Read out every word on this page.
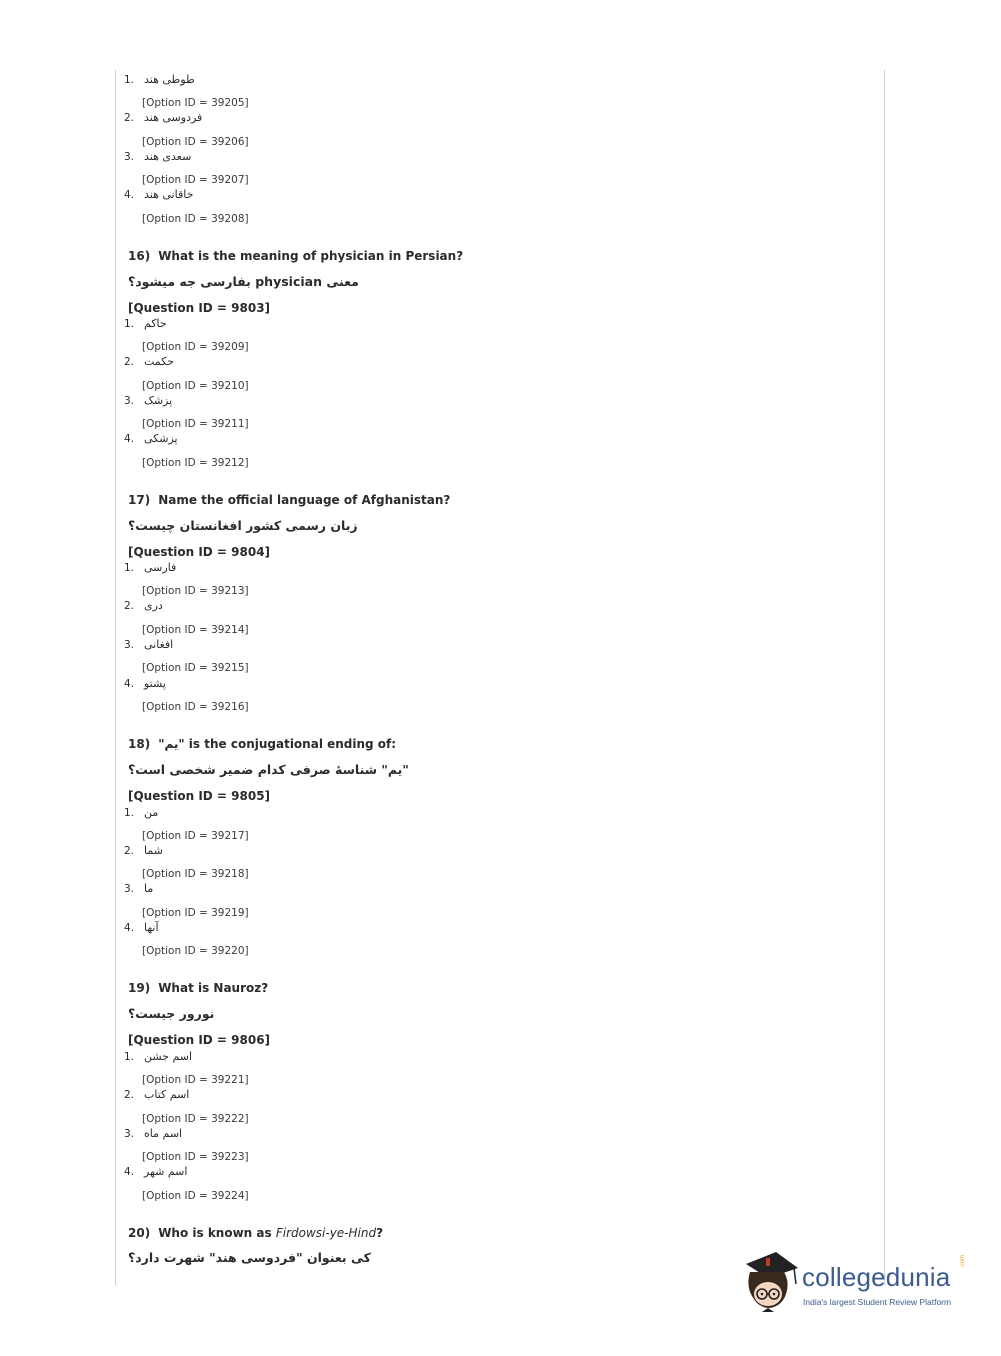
1. طوطی هند
[Option ID = 39205]
2. فردوسی هند
[Option ID = 39206]
3. سعدی هند
[Option ID = 39207]
4. خاقانی هند
[Option ID = 39208]
16) What is the meaning of physician in Persian?
معنی physician بفارسی جه میشود؟
[Question ID = 9803]
1. حاکم
[Option ID = 39209]
2. حکمت
[Option ID = 39210]
3. پزشک
[Option ID = 39211]
4. پزشکی
[Option ID = 39212]
17) Name the official language of Afghanistan?
زبان رسمی کشور افغانستان چیست؟
[Question ID = 9804]
1. فارسی
[Option ID = 39213]
2. دری
[Option ID = 39214]
3. افغانی
[Option ID = 39215]
4. پشتو
[Option ID = 39216]
18) "یم" is the conjugational ending of:
"یم" شناسهٔ صرفی کدام ضمیر شخصی است؟
[Question ID = 9805]
1. من
[Option ID = 39217]
2. شما
[Option ID = 39218]
3. ما
[Option ID = 39219]
4. آنها
[Option ID = 39220]
19) What is Nauroz?
نورور جیست؟
[Question ID = 9806]
1. اسم جشن
[Option ID = 39221]
2. اسم کتاب
[Option ID = 39222]
3. اسم ماه
[Option ID = 39223]
4. اسم شهر
[Option ID = 39224]
20) Who is known as Firdowsi-ye-Hind?
کی بعنوان "فردوسی هند" شهرت دارد؟
collegedunia
.com
India's largest Student Review Platform
